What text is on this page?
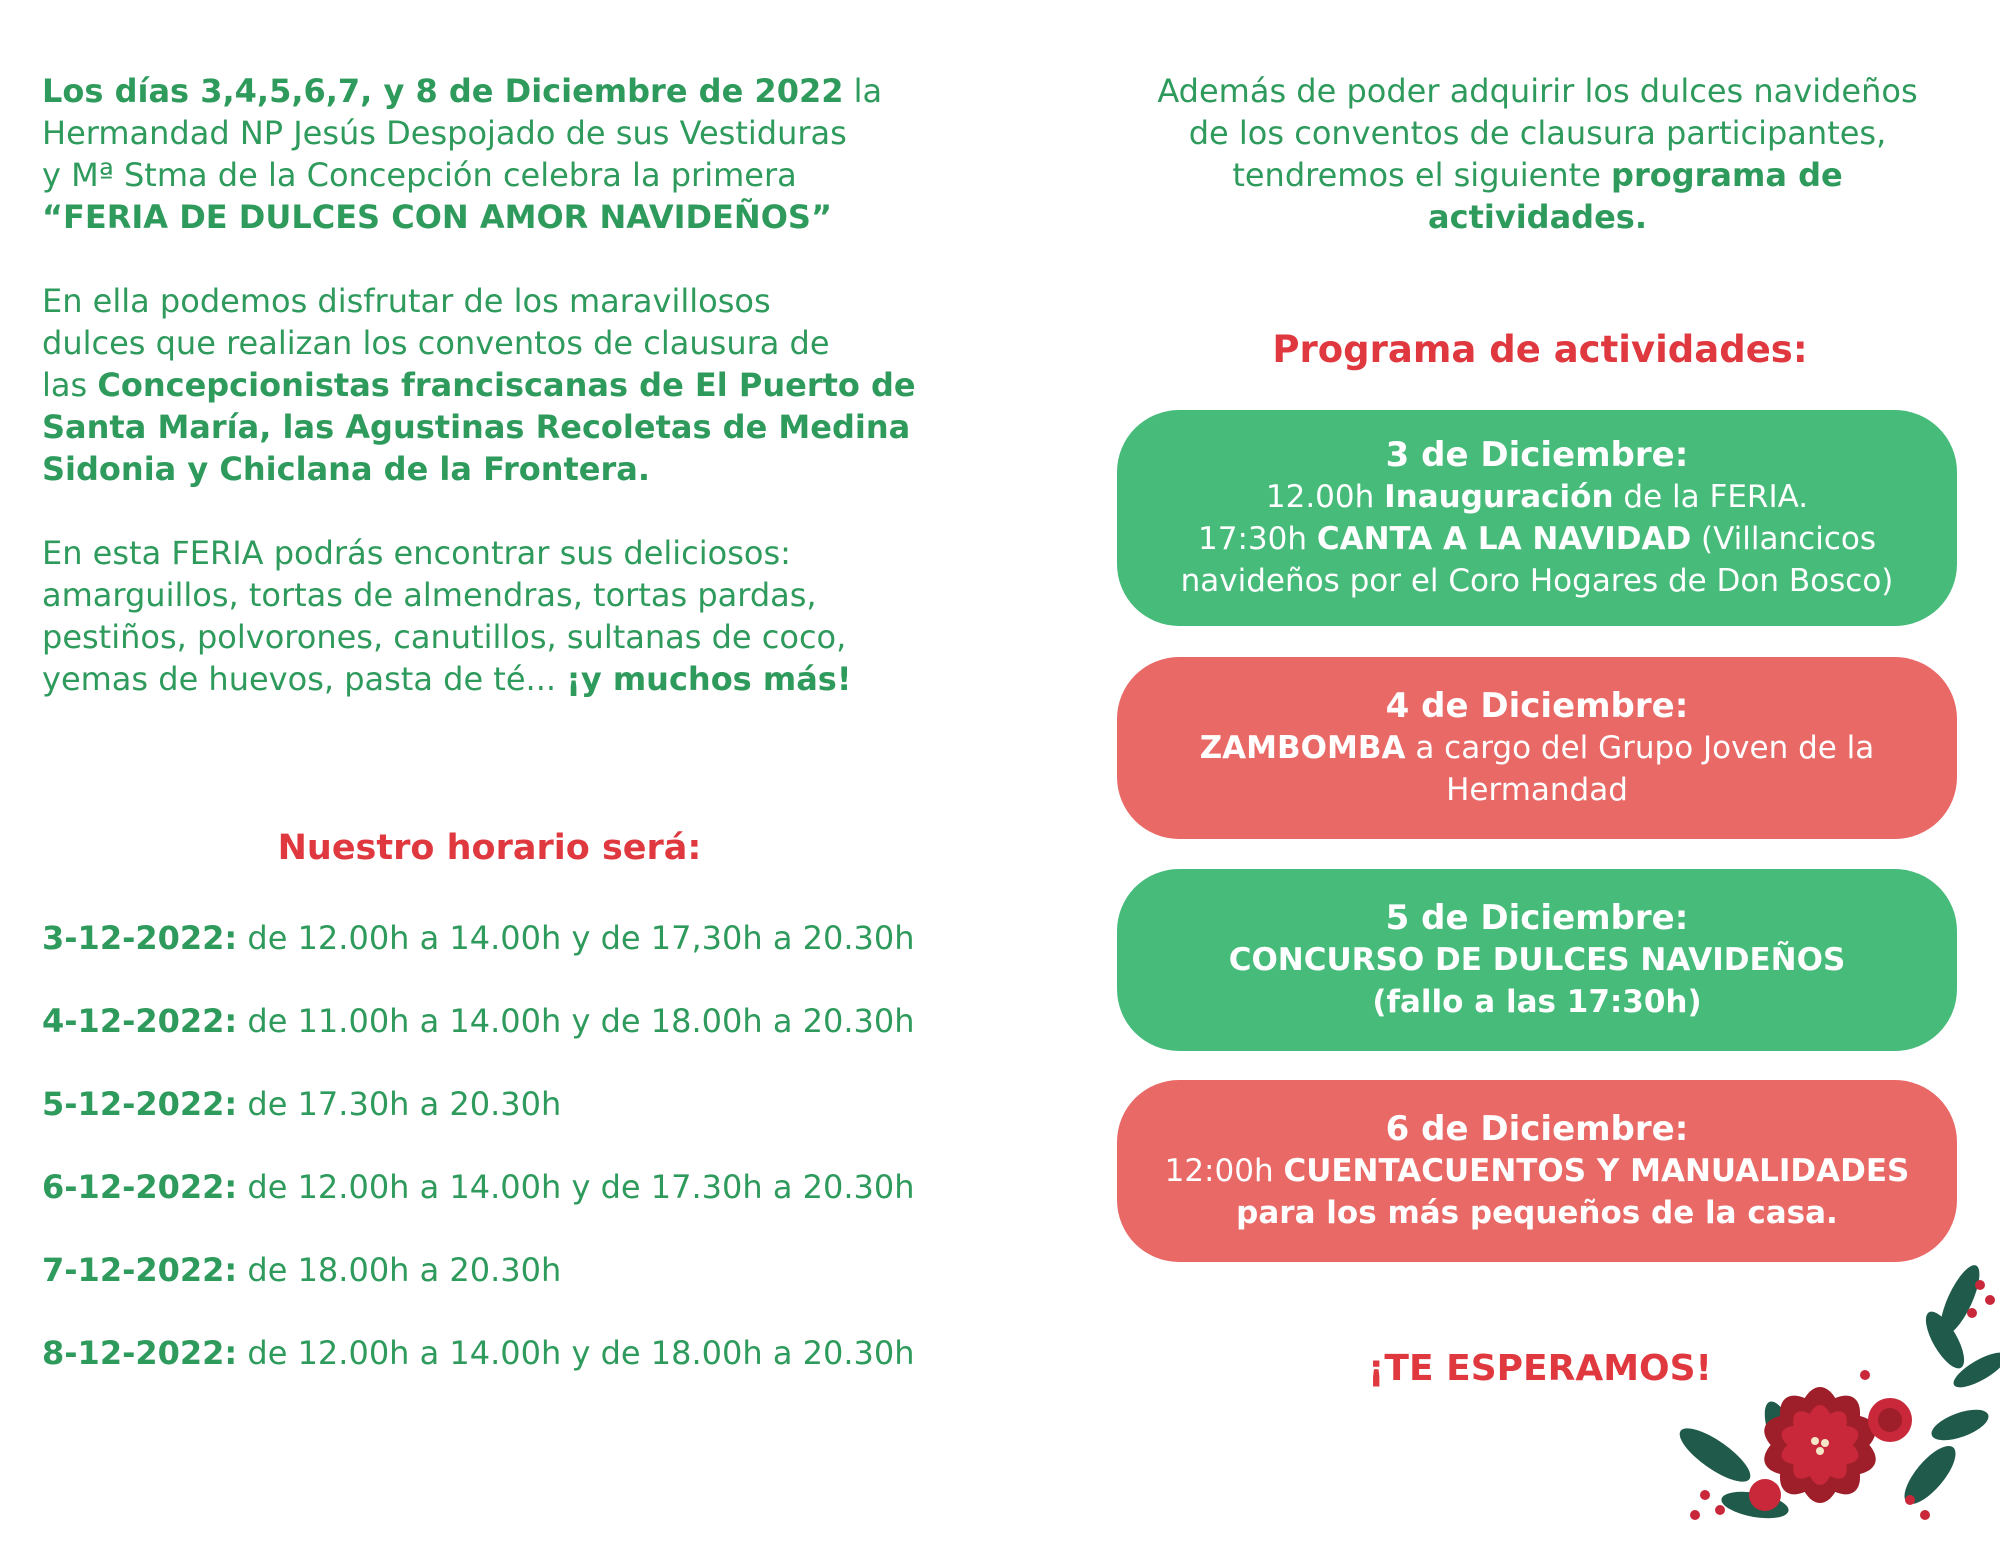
Los días 3,4,5,6,7, y 8 de Diciembre de 2022 la
Hermandad NP Jesús Despojado de sus Vestiduras
y Mª Stma de la Concepción celebra la primera
“FERIA DE DULCES CON AMOR NAVIDEÑOS”

En ella podemos disfrutar de los maravillosos
dulces que realizan los conventos de clausura de
las Concepcionistas franciscanas de El Puerto de
Santa María, las Agustinas Recoletas de Medina
Sidonia y Chiclana de la Frontera.

En esta FERIA podrás encontrar sus deliciosos:
amarguillos, tortas de almendras, tortas pardas,
pestiños, polvorones, canutillos, sultanas de coco,
yemas de huevos, pasta de té... ¡y muchos más!

Nuestro horario será:
3-12-2022: de 12.00h a 14.00h y de 17,30h a 20.30h
4-12-2022: de 11.00h a 14.00h y de 18.00h a 20.30h
5-12-2022: de 17.30h a 20.30h
6-12-2022: de 12.00h a 14.00h y de 17.30h a 20.30h
7-12-2022: de 18.00h a 20.30h
8-12-2022: de 12.00h a 14.00h y de 18.00h a 20.30h
Además de poder adquirir los dulces navideños
de los conventos de clausura participantes,
tendremos el siguiente programa de
actividades.
Programa de actividades:
3 de Diciembre:
12.00h Inauguración de la FERIA.
17:30h CANTA A LA NAVIDAD (Villancicos
navideños por el Coro Hogares de Don Bosco)
4 de Diciembre:
ZAMBOMBA a cargo del Grupo Joven de la
Hermandad
5 de Diciembre:
CONCURSO DE DULCES NAVIDEÑOS
(fallo a las 17:30h)
6 de Diciembre:
12:00h CUENTACUENTOS Y MANUALIDADES
para los más pequeños de la casa.
¡TE ESPERAMOS!
